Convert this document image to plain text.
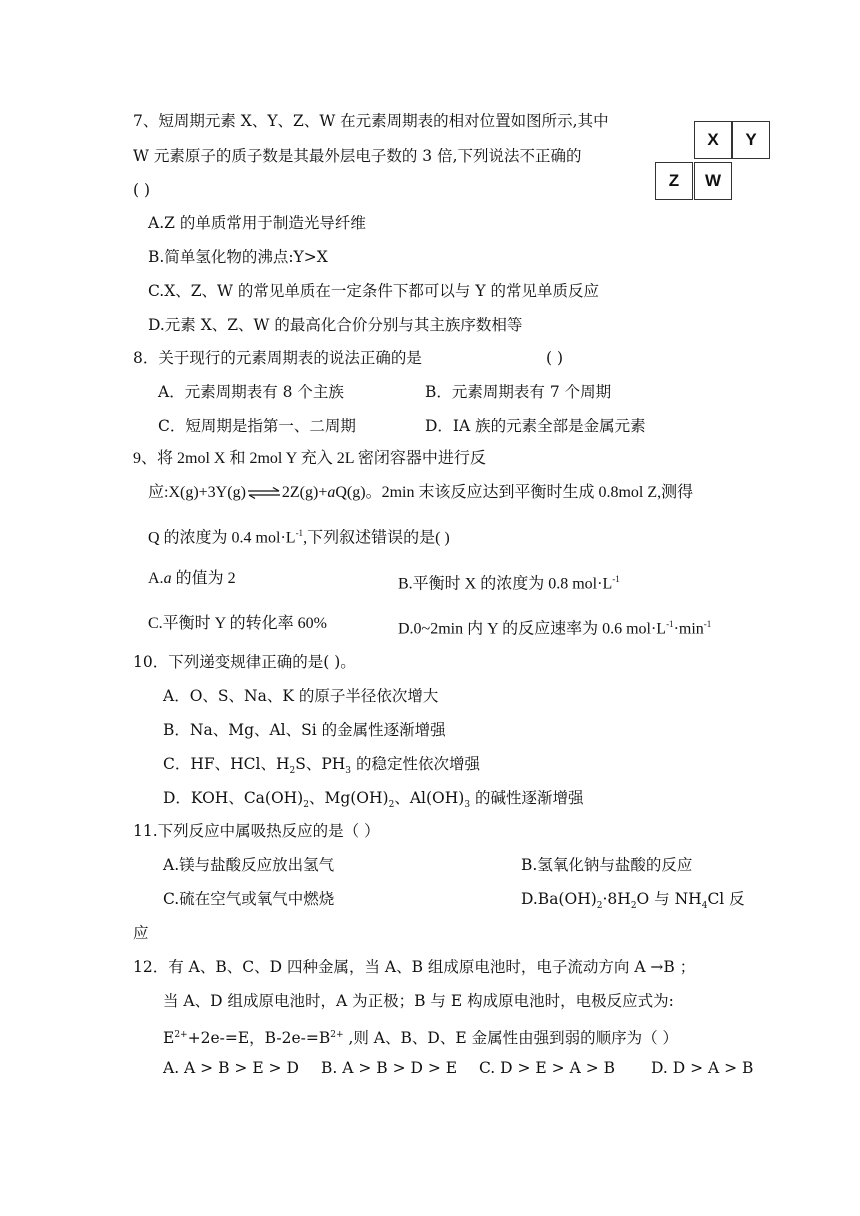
7、短周期元素 X、Y、Z、W 在元素周期表的相对位置如图所示,其中
W 元素原子的质子数是其最外层电子数的 3 倍,下列说法不正确的
( )
X	Y
Z	W
A.Z 的单质常用于制造光导纤维
B.简单氢化物的沸点:Y>X
C.X、Z、W 的常见单质在一定条件下都可以与 Y 的常见单质反应
D.元素 X、Z、W 的最高化合价分别与其主族序数相等
8．关于现行的元素周期表的说法正确的是	( )
A．元素周期表有 8 个主族	B．元素周期表有 7 个周期
C．短周期是指第一、二周期	D．IA 族的元素全部是金属元素
9、将 2mol X 和 2mol Y 充入 2L 密闭容器中进行反
应:X(g)+3Y(g)⇌2Z(g)+aQ(g)。2min 末该反应达到平衡时生成 0.8mol Z,测得
Q 的浓度为 0.4 $mol\cdot L^{-1}$,下列叙述错误的是( )
A.a 的值为 2	B.平衡时 X 的浓度为 0.8 $mol\cdot L^{-1}$
C.平衡时 Y 的转化率 60%	D.0~2min 内 Y 的反应速率为 0.6 $mol\cdot L^{-1}\cdot\min^{-1}$
10．下列递变规律正确的是( )。
A．O、S、Na、K 的原子半径依次增大
B．Na、Mg、Al、Si 的金属性逐渐增强
C．HF、HCl、$H_2S$、$PH_3$ 的稳定性依次增强
D．KOH、$Ca(OH)_2$、$Mg(OH)_2$、$Al(OH)_3$ 的碱性逐渐增强
11.下列反应中属吸热反应的是（ ）
A.镁与盐酸反应放出氢气	B.氢氧化钠与盐酸的反应
C.硫在空气或氧气中燃烧	$D.Ba(OH)_2\cdot 8H_2O$ 与 $NH_4Cl$ 反
应
12．有 A、B、C、D 四种金属，当 A、B 组成原电池时，电子流动方向 A →B ；
当 A、D 组成原电池时，A 为正极；B 与 E 构成原电池时，电极反应式为:
$E^{2+}+2e-=E$，$B-2e-=B^{2+}$ ,则 A、B、D、E 金属性由强到弱的顺序为（ ）
A. A > B > E > D B. A > B > D > E C. D > E > A > B D. D > A > B
